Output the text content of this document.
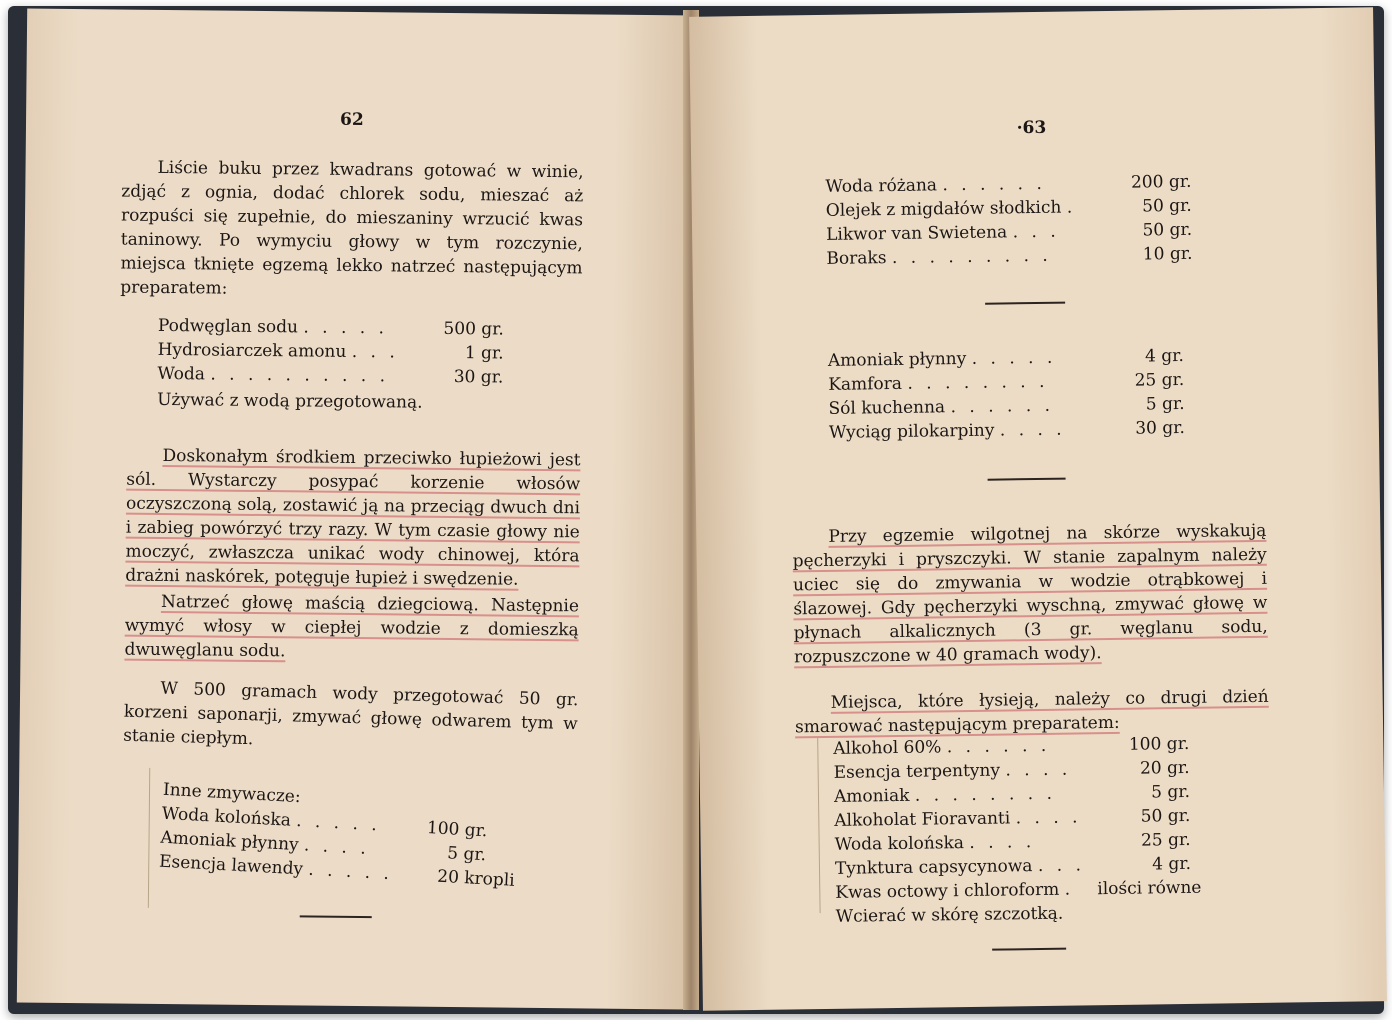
62
Liście buku przez kwadrans gotować w winie, zdjąć z ognia, dodać chlorek sodu, mieszać aż rozpuści się zupełnie, do mieszaniny wrzucić kwas taninowy. Po wymyciu głowy w tym rozczynie, miejsca tknięte egzemą lekko natrzeć następującym preparatem:
Podwęglan sodu . . . . .	500 gr.
Hydrosiarczek amonu . . .	1 gr.
Woda . . . . . . . . . .	30 gr.
Używać z wodą przegotowaną.
Doskonałym środkiem przeciwko łupieżowi jest sól. Wystarczy posypać korzenie włosów oczyszczoną solą, zostawić ją na przeciąg dwuch dni i zabieg powórzyć trzy razy. W tym czasie głowy nie moczyć, zwłaszcza unikać wody chinowej, która drażni naskórek, potęguje łupież i swędzenie.
Natrzeć głowę maścią dziegciową. Następnie wymyć włosy w ciepłej wodzie z domieszką dwuwęglanu sodu.
W 500 gramach wody przegotować 50 gr. korzeni saponarji, zmywać głowę odwarem tym w stanie ciepłym.
Inne zmywacze:
Woda kolońska . . . . .	100 gr.
Amoniak płynny . . . .	5 gr.
Esencja lawendy . . . . .	20 kropli
·63
Woda różana . . . . . .	200 gr.
Olejek z migdałów słodkich .	50 gr.
Likwor van Swietena . . .	50 gr.
Boraks . . . . . . . . .	10 gr.
Amoniak płynny . . . . .	4 gr.
Kamfora . . . . . . . .	25 gr.
Sól kuchenna . . . . . .	5 gr.
Wyciąg pilokarpiny . . . .	30 gr.
Przy egzemie wilgotnej na skórze wyskakują pęcherzyki i pryszczyki. W stanie zapalnym należy uciec się do zmywania w wodzie otrąbkowej i ślazowej. Gdy pęcherzyki wyschną, zmywać głowę w płynach alkalicznych (3 gr. węglanu sodu, rozpuszczone w 40 gramach wody).
Miejsca, które łysieją, należy co drugi dzień smarować następującym preparatem:
Alkohol 60% . . . . . .	100 gr.
Esencja terpentyny . . . .	20 gr.
Amoniak . . . . . . . .	5 gr.
Alkoholat Fioravanti . . . .	50 gr.
Woda kolońska . . . .	25 gr.
Tynktura capsycynowa . . .	4 gr.
Kwas octowy i chloroform . ilości równe
Wcierać w skórę szczotką.
